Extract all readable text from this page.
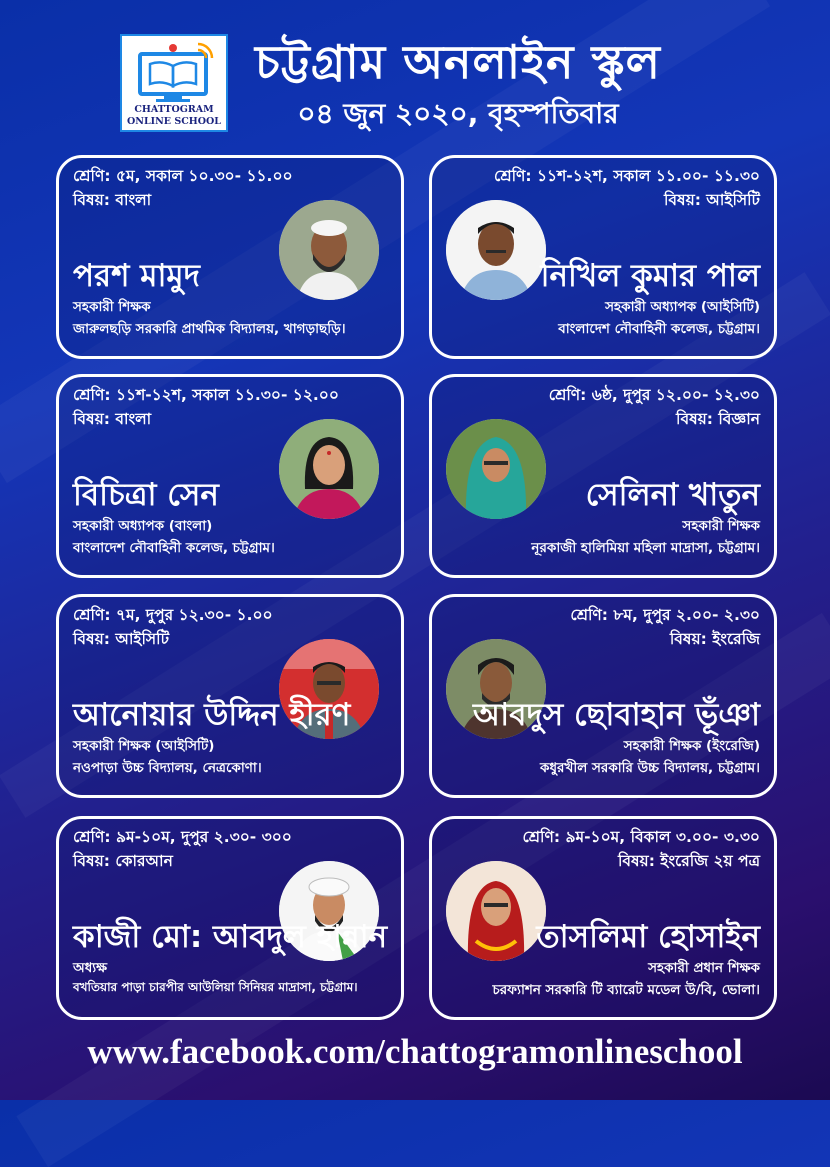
CHATTOGRAM
ONLINE SCHOOL
চট্টগ্রাম অনলাইন স্কুল
০৪ জুন ২০২০, বৃহস্পতিবার
শ্রেণি: ৫ম, সকাল ১০.৩০- ১১.০০
বিষয়: বাংলা
পরশ মামুদ
সহকারী শিক্ষক
জারুলছড়ি সরকারি প্রাথমিক বিদ্যালয়, খাগড়াছড়ি।
শ্রেণি: ১১শ-১২শ, সকাল ১১.০০- ১১.৩০
বিষয়: আইসিটি
নিখিল কুমার পাল
সহকারী অধ্যাপক (আইসিটি)
বাংলাদেশ নৌবাহিনী কলেজ, চট্টগ্রাম।
শ্রেণি: ১১শ-১২শ, সকাল ১১.৩০- ১২.০০
বিষয়: বাংলা
বিচিত্রা সেন
সহকারী অধ্যাপক (বাংলা)
বাংলাদেশ নৌবাহিনী কলেজ, চট্টগ্রাম।
শ্রেণি: ৬ষ্ঠ, দুপুর ১২.০০- ১২.৩০
বিষয়: বিজ্ঞান
সেলিনা খাতুন
সহকারী শিক্ষক
নূরকাজী হালিমিয়া মহিলা মাদ্রাসা, চট্টগ্রাম।
শ্রেণি: ৭ম, দুপুর ১২.৩০- ১.০০
বিষয়: আইসিটি
আনোয়ার উদ্দিন হীরণ
সহকারী শিক্ষক (আইসিটি)
নওপাড়া উচ্চ বিদ্যালয়, নেত্রকোণা।
শ্রেণি: ৮ম, দুপুর ২.০০- ২.৩০
বিষয়: ইংরেজি
আবদুস ছোবাহান ভূঁঞা
সহকারী শিক্ষক (ইংরেজি)
কধুরখীল সরকারি উচ্চ বিদ্যালয়, চট্টগ্রাম।
শ্রেণি: ৯ম-১০ম, দুপুর ২.৩০- ৩০০
বিষয়: কোরআন
কাজী মো: আবদুল হান্নান
অধ্যক্ষ
বখতিয়ার পাড়া চারপীর আউলিয়া সিনিয়র মাদ্রাসা, চট্টগ্রাম।
শ্রেণি: ৯ম-১০ম, বিকাল ৩.০০- ৩.৩০
বিষয়: ইংরেজি ২য় পত্র
তাসলিমা হোসাইন
সহকারী প্রধান শিক্ষক
চরফ্যাশন সরকারি টি ব্যারেট মডেল উ/বি, ভোলা।
www.facebook.com/chattogramonlineschool
